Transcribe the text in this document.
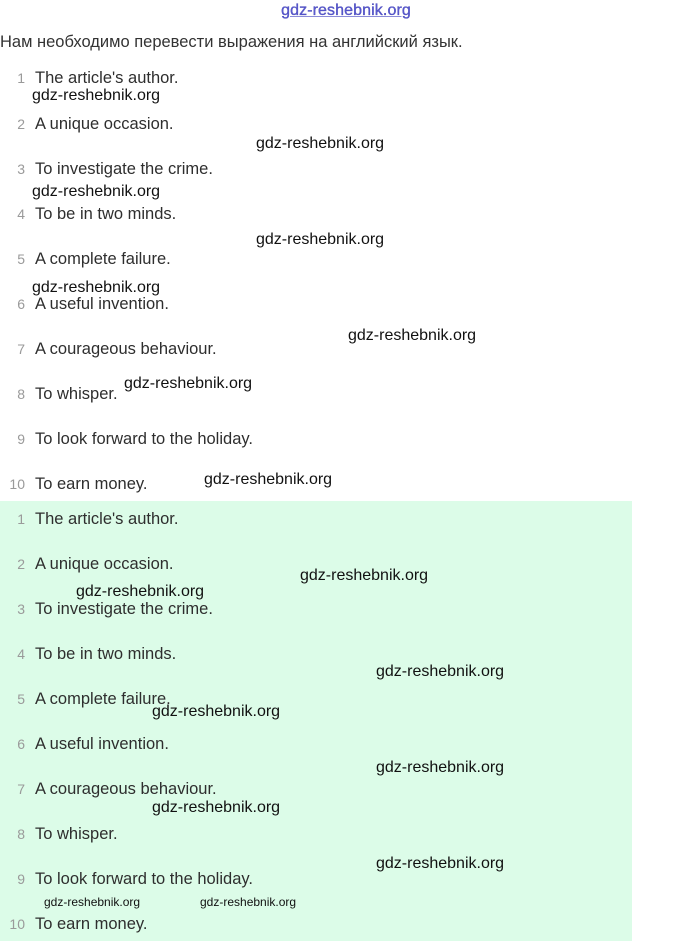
gdz-reshebnik.org
Нам необходимо перевести выражения на английский язык.
1 The article's author.
2 A unique occasion.
3 To investigate the crime.
4 To be in two minds.
5 A complete failure.
6 A useful invention.
7 A courageous behaviour.
8 To whisper.
9 To look forward to the holiday.
10 To earn money.
1 The article's author.
2 A unique occasion.
3 To investigate the crime.
4 To be in two minds.
5 A complete failure.
6 A useful invention.
7 A courageous behaviour.
8 To whisper.
9 To look forward to the holiday.
10 To earn money.
gdz-reshebnik.org
gdz-reshebnik.org
gdz-reshebnik.org
gdz-reshebnik.org
gdz-reshebnik.org
gdz-reshebnik.org
gdz-reshebnik.org
gdz-reshebnik.org
gdz-reshebnik.org
gdz-reshebnik.org
gdz-reshebnik.org
gdz-reshebnik.org
gdz-reshebnik.org
gdz-reshebnik.org
gdz-reshebnik.org
gdz-reshebnik.org	gdz-reshebnik.org
